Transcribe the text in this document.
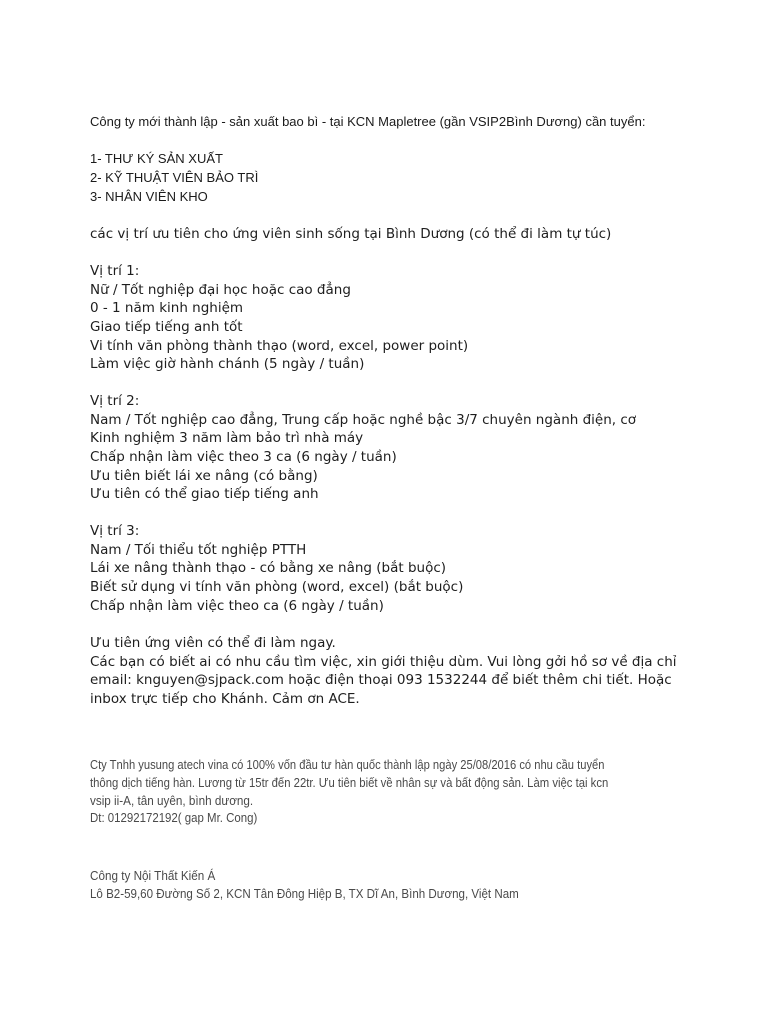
Công ty mới thành lập - sản xuất bao bì - tại KCN Mapletree (gần VSIP2Bình Dương) cần tuyển:
1- THƯ KÝ SẢN XUẤT
2- KỸ THUẬT VIÊN BẢO TRÌ
3- NHÂN VIÊN KHO
các vị trí ưu tiên cho ứng viên sinh sống tại Bình Dương (có thể đi làm tự túc)
Vị trí 1:
Nữ / Tốt nghiệp đại học hoặc cao đẳng
0 - 1 năm kinh nghiệm
Giao tiếp tiếng anh tốt
Vi tính văn phòng thành thạo (word, excel, power point)
Làm việc giờ hành chánh (5 ngày / tuần)
Vị trí 2:
Nam / Tốt nghiệp cao đẳng, Trung cấp hoặc nghề bậc 3/7 chuyên ngành điện, cơ
Kinh nghiệm 3 năm làm bảo trì nhà máy
Chấp nhận làm việc theo 3 ca (6 ngày / tuần)
Ưu tiên biết lái xe nâng (có bằng)
Ưu tiên có thể giao tiếp tiếng anh
Vị trí 3:
Nam / Tối thiểu tốt nghiệp PTTH
Lái xe nâng thành thạo - có bằng xe nâng (bắt buộc)
Biết sử dụng vi tính văn phòng (word, excel) (bắt buộc)
Chấp nhận làm việc theo ca (6 ngày / tuần)
Ưu tiên ứng viên có thể đi làm ngay.
Các bạn có biết ai có nhu cầu tìm việc, xin giới thiệu dùm. Vui lòng gởi hồ sơ về địa chỉ
email: knguyen@sjpack.com hoặc điện thoại 093 1532244 để biết thêm chi tiết. Hoặc
inbox trực tiếp cho Khánh. Cảm ơn ACE.
Cty Tnhh yusung atech vina có 100% vốn đầu tư hàn quốc thành lập ngày 25/08/2016 có nhu cầu tuyển
thông dịch tiếng hàn. Lương từ 15tr đến 22tr. Ưu tiên biết về nhân sự và bất động sản. Làm việc tại kcn
vsip ii-A, tân uyên, bình dương.
Dt: 01292172192( gap Mr. Cong)
Công ty Nội Thất Kiến Á
Lô B2-59,60 Đường Số 2, KCN Tân Đông Hiệp B, TX Dĩ An, Bình Dương, Việt Nam
